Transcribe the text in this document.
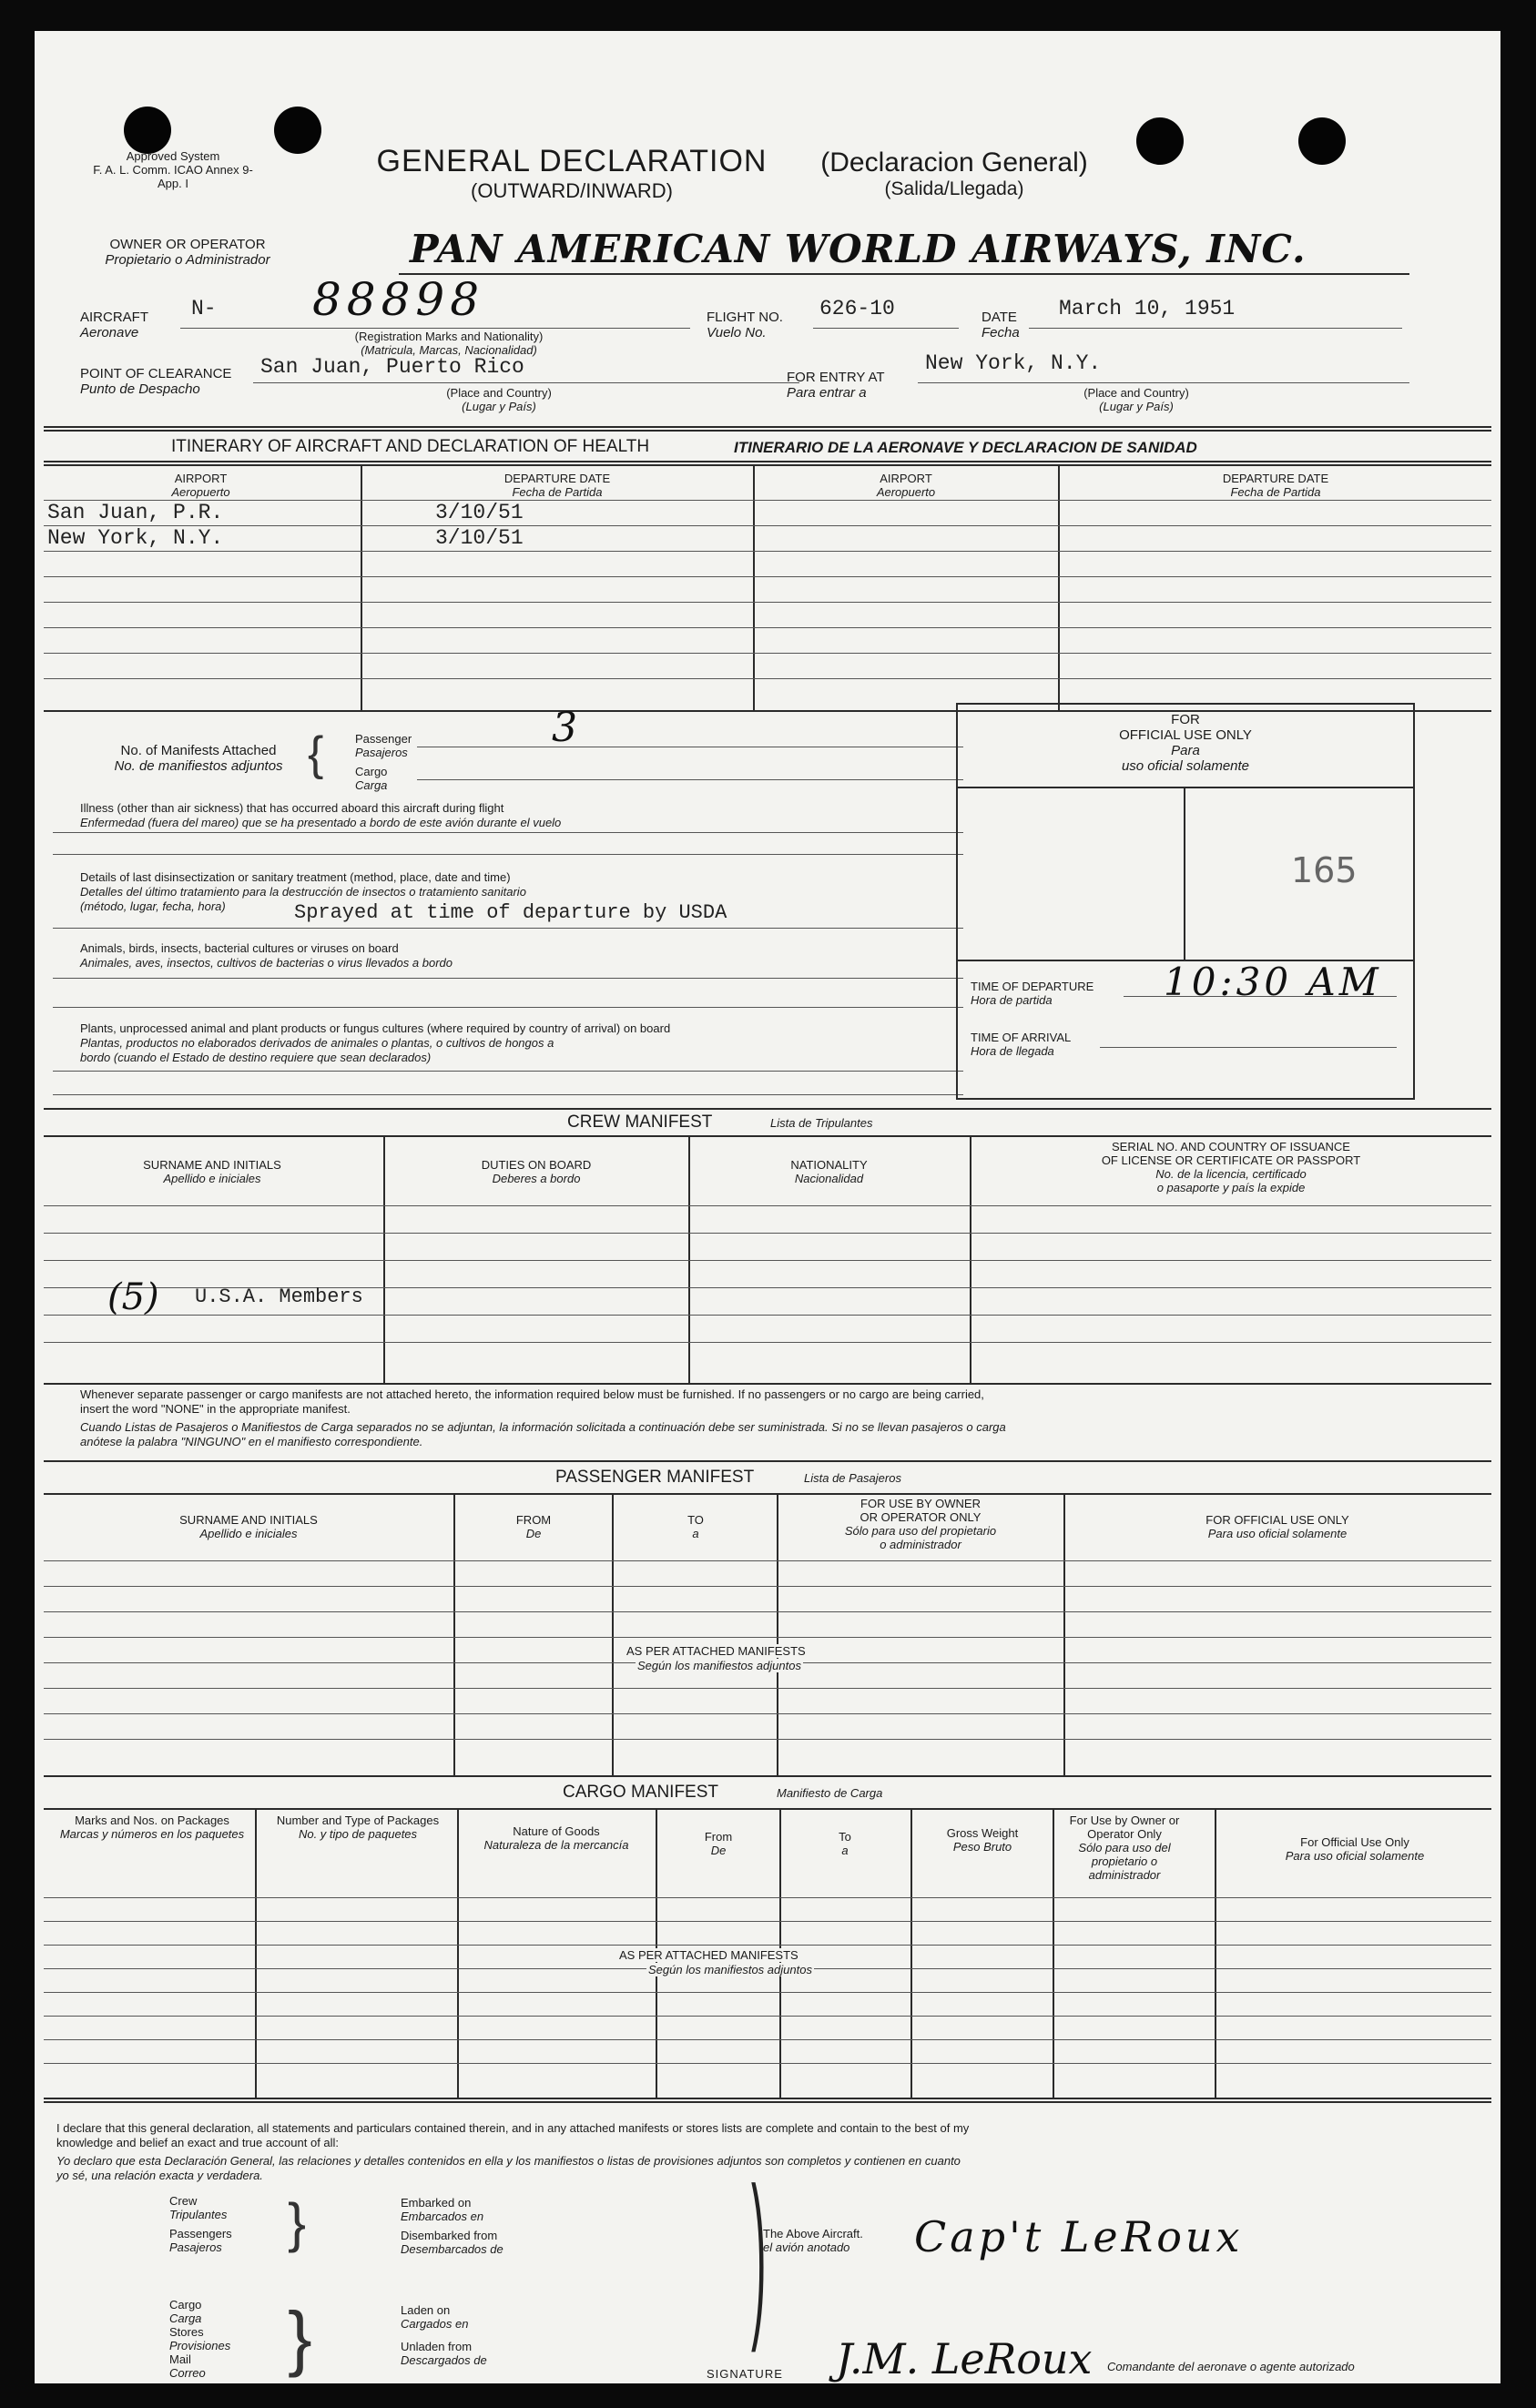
Approved System
F. A. L. Comm. ICAO Annex 9-App. I
GENERAL DECLARATION
(OUTWARD/INWARD)
(Declaracion General)
(Salida/Llegada)
OWNER OR OPERATOR
Propietario o Administrador	PAN AMERICAN WORLD AIRWAYS, INC.
AIRCRAFT
Aeronave
N- 88898
(Registration Marks and Nationality)
(Matricula, Marcas, Nacionalidad)
FLIGHT NO.
Vuelo No.
626-10	DATE
Fecha
March 10, 1951
POINT OF CLEARANCE
Punto de Despacho
San Juan, Puerto Rico
(Place and Country)
(Lugar y País)
FOR ENTRY AT
Para entrar a
New York, N.Y.
(Place and Country)
(Lugar y País)
ITINERARY OF AIRCRAFT AND DECLARATION OF HEALTH	ITINERARIO DE LA AERONAVE Y DECLARACION DE SANIDAD
AIRPORT
Aeropuerto
DEPARTURE DATE
Fecha de Partida
AIRPORT
Aeropuerto
DEPARTURE DATE
Fecha de Partida
San Juan, P.R.	3/10/51
New York, N.Y.	3/10/51
No. of Manifests Attached
No. de manifiestos adjuntos {	Passenger
Pasajeros
3
Cargo
Carga
Illness (other than air sickness) that has occurred aboard this aircraft during flight
Enfermedad (fuera del mareo) que se ha presentado a bordo de este avión durante el vuelo
Details of last disinsectization or sanitary treatment (method, place, date and time)
Detalles del último tratamiento para la destrucción de insectos o tratamiento sanitario
(método, lugar, fecha, hora)	Sprayed at time of departure by USDA
Animals, birds, insects, bacterial cultures or viruses on board
Animales, aves, insectos, cultivos de bacterias o virus llevados a bordo
Plants, unprocessed animal and plant products or fungus cultures (where required by country of arrival) on board
Plantas, productos no elaborados derivados de animales o plantas, o cultivos de hongos a
bordo (cuando el Estado de destino requiere que sean declarados)
FOR
OFFICIAL USE ONLY
Para
uso oficial solamente
165
TIME OF DEPARTURE
Hora de partida	10:30 AM
TIME OF ARRIVAL
Hora de llegada
CREW MANIFEST	Lista de Tripulantes
SURNAME AND INITIALS
Apellido e iniciales
DUTIES ON BOARD
Deberes a bordo
NATIONALITY
Nacionalidad
SERIAL NO. AND COUNTRY OF ISSUANCE
OF LICENSE OR CERTIFICATE OR PASSPORT
No. de la licencia, certificado
o pasaporte y país la expide
(5) U.S.A. Members
Whenever separate passenger or cargo manifests are not attached hereto, the information required below must be furnished. If no passengers or no cargo are being carried,
insert the word "NONE" in the appropriate manifest.
Cuando Listas de Pasajeros o Manifiestos de Carga separados no se adjuntan, la información solicitada a continuación debe ser suministrada. Si no se llevan pasajeros o carga
anótese la palabra "NINGUNO" en el manifiesto correspondiente.
PASSENGER MANIFEST	Lista de Pasajeros
SURNAME AND INITIALS
Apellido e iniciales
FROM
De
TO
a
FOR USE BY OWNER
OR OPERATOR ONLY
Sólo para uso del propietario
o administrador
FOR OFFICIAL USE ONLY
Para uso oficial solamente
AS PER ATTACHED MANIFESTS
Según los manifiestos adjuntos
CARGO MANIFEST	Manifiesto de Carga
Marks and Nos. on Packages
Marcas y números en los paquetes
Number and Type of Packages
No. y tipo de paquetes	Nature of Goods
Naturaleza de la mercancía
From
De
To
a
Gross Weight
Peso Bruto
For Use by Owner or Operator Only
Sólo para uso del propietario o administrador
For Official Use Only
Para uso oficial solamente
AS PER ATTACHED MANIFESTS
Según los manifiestos adjuntos
I declare that this general declaration, all statements and particulars contained therein, and in any attached manifests or stores lists are complete and contain to the best of my
knowledge and belief an exact and true account of all:
Yo declaro que esta Declaración General, las relaciones y detalles contenidos en ella y los manifiestos o listas de provisiones adjuntos son completos y contienen en cuanto
yo sé, una relación exacta y verdadera.
Crew
Tripulantes
Passengers
Pasajeros }	Embarked on
Embarcados en
Disembarked from
Desembarcados de
Cargo
Carga
Stores
Provisiones
Mail
Correo	}	Laden on
Cargados en
Unladen from
Descargados de
)
The Above Aircraft.
el avión anotado	Cap't LeRoux
SIGNATURE J.M. LeRoux Comandante del aeronave o agente autorizado
